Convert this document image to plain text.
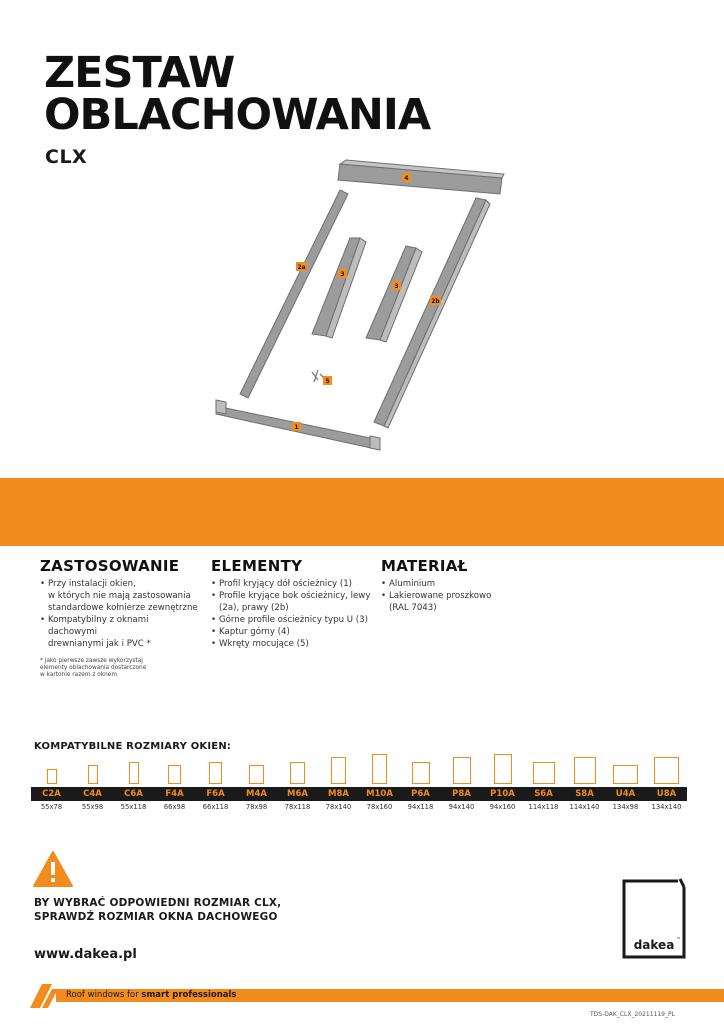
ZESTAW
OBLACHOWANIA
CLX
4
2a
3
3
2b
5
1
ZASTOSOWANIE
• Przy instalacji okien,
w których nie mają zastosowania
standardowe kołnierze zewnętrzne
• Kompatybilny z oknami dachowymi
drewnianymi jak i PVC *
* jako pierwsze zawsze wykorzystaj
elementy oblachowania dostarczone
w kartonie razem z oknem
ELEMENTY
• Profil kryjący dół ościeżnicy (1)
• Profile kryjące bok ościeżnicy, lewy
(2a), prawy (2b)
• Górne profile ościeżnicy typu U (3)
• Kaptur górny (4)
• Wkręty mocujące (5)
MATERIAŁ
• Aluminium
• Lakierowane proszkowo
(RAL 7043)
KOMPATYBILNE ROZMIARY OKIEN:
C2A
55x78
C4A
55x98
C6A
55x118
F4A
66x98
F6A
66x118
M4A
78x98
M6A
78x118
M8A
78x140
M10A
78x160
P6A
94x118
P8A
94x140
P10A
94x160
S6A
114x118
S8A
114x140
U4A
134x98
U8A
134x140
BY WYBRAĆ ODPOWIEDNI ROZMIAR CLX,
SPRAWDŹ ROZMIAR OKNA DACHOWEGO
www.dakea.pl
dakea ™
Roof windows for smart professionals
TDS-DAK_CLX_20211119_PL
